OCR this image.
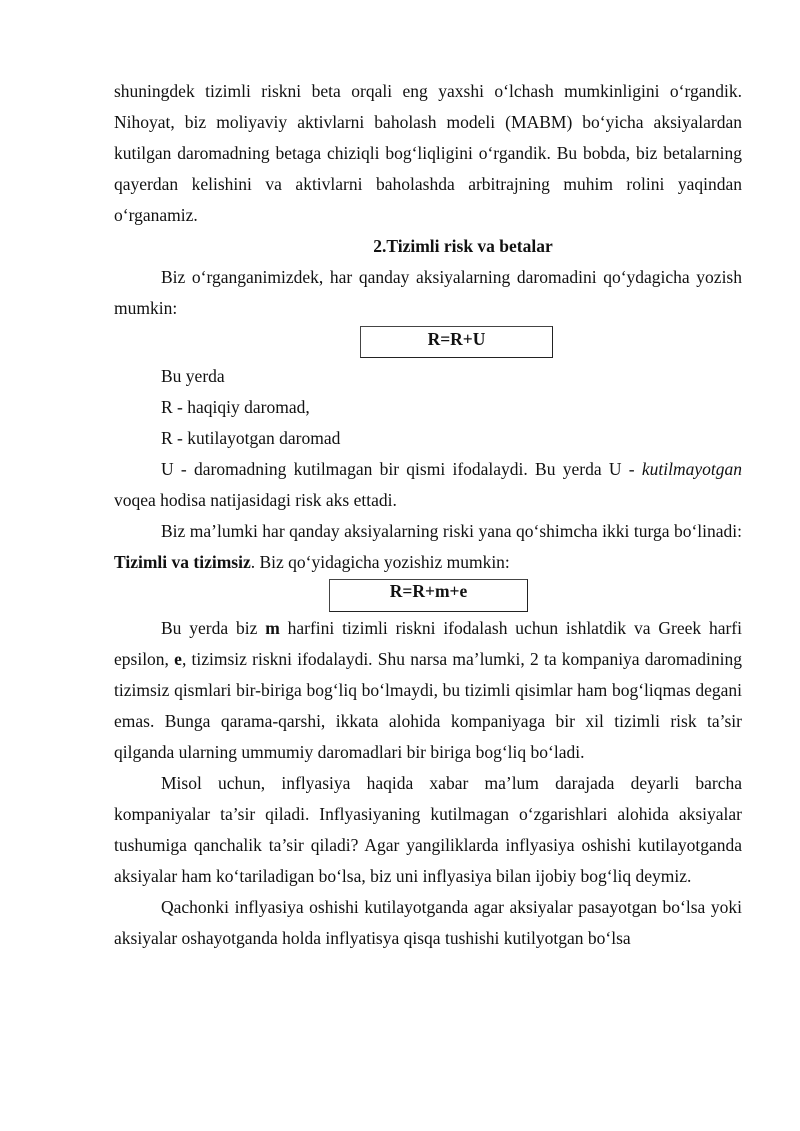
shuningdek tizimli riskni beta orqali eng yaxshi o‘lchash mumkinligini o‘rgandik. Nihoyat, biz moliyaviy aktivlarni baholash modeli (MABM) bo‘yicha aksiyalardan kutilgan daromadning betaga chiziqli bog‘liqligini o‘rgandik. Bu bobda, biz betalarning qayerdan kelishini va aktivlarni baholashda arbitrajning muhim rolini yaqindan o‘rganamiz.

2.Tizimli risk va betalar

Biz o‘rganganimizdek, har qanday aksiyalarning daromadini qo‘ydagicha yozish mumkin:

R=R+U

Bu yerda

R - haqiqiy daromad,

R - kutilayotgan daromad

U - daromadning kutilmagan bir qismi ifodalaydi. Bu yerda U - kutilmayotgan voqea hodisa natijasidagi risk aks ettadi.

Biz ma’lumki har qanday aksiyalarning riski yana qo‘shimcha ikki turga bo‘linadi: Tizimli va tizimsiz. Biz qo‘yidagicha yozishiz mumkin:

R=R+m+e

Bu yerda biz m harfini tizimli riskni ifodalash uchun ishlatdik va Greek harfi epsilon, e, tizimsiz riskni ifodalaydi. Shu narsa ma’lumki, 2 ta kompaniya daromadining tizimsiz qismlari bir-biriga bog‘liq bo‘lmaydi, bu tizimli qisimlar ham bog‘liqmas degani emas. Bunga qarama-qarshi, ikkata alohida kompaniyaga bir xil tizimli risk ta’sir qilganda ularning ummumiy daromadlari bir biriga bog‘liq bo‘ladi.

Misol uchun, inflyasiya haqida xabar ma’lum darajada deyarli barcha kompaniyalar ta’sir qiladi. Inflyasiyaning kutilmagan o‘zgarishlari alohida aksiyalar tushumiga qanchalik ta’sir qiladi? Agar yangiliklarda inflyasiya oshishi kutilayotganda aksiyalar ham ko‘tariladigan bo‘lsa, biz uni inflyasiya bilan ijobiy bog‘liq deymiz.

Qachonki inflyasiya oshishi kutilayotganda agar aksiyalar pasayotgan bo‘lsa yoki aksiyalar oshayotganda holda inflyatisya qisqa tushishi kutilyotgan bo‘lsa
